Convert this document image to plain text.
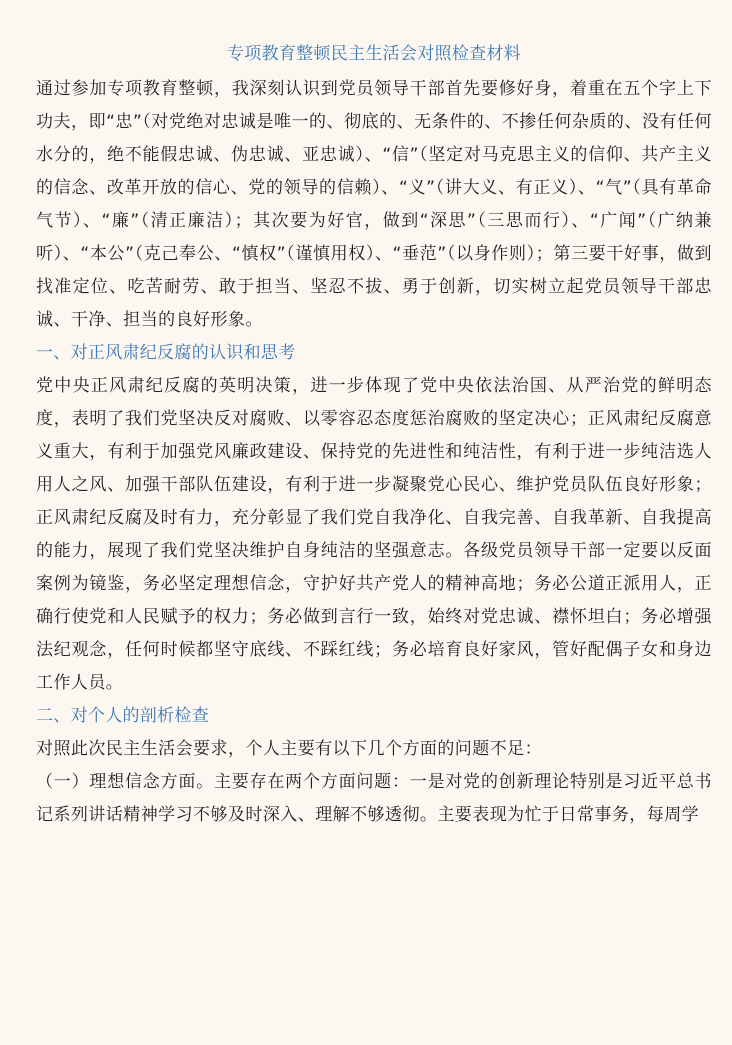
专项教育整顿民主生活会对照检查材料

通过参加专项教育整顿，我深刻认识到党员领导干部首先要修好身，着重在五个字上下功夫，即“忠”（对党绝对忠诚是唯一的、彻底的、无条件的、不掺任何杂质的、没有任何水分的，绝不能假忠诚、伪忠诚、亚忠诚）、“信”（坚定对马克思主义的信仰、共产主义的信念、改革开放的信心、党的领导的信赖）、“义”（讲大义、有正义）、“气”（具有革命气节）、“廉”（清正廉洁）；其次要为好官，做到“深思”（三思而行）、“广闻”（广纳兼听）、“本公”（克己奉公、“慎权”（谨慎用权）、“垂范”（以身作则）；第三要干好事，做到找准定位、吃苦耐劳、敢于担当、坚忍不拔、勇于创新，切实树立起党员领导干部忠诚、干净、担当的良好形象。

一、对正风肃纪反腐的认识和思考

党中央正风肃纪反腐的英明决策，进一步体现了党中央依法治国、从严治党的鲜明态度，表明了我们党坚决反对腐败、以零容忍态度惩治腐败的坚定决心；正风肃纪反腐意义重大，有利于加强党风廉政建设、保持党的先进性和纯洁性，有利于进一步纯洁选人用人之风、加强干部队伍建设，有利于进一步凝聚党心民心、维护党员队伍良好形象；正风肃纪反腐及时有力，充分彰显了我们党自我净化、自我完善、自我革新、自我提高的能力，展现了我们党坚决维护自身纯洁的坚强意志。各级党员领导干部一定要以反面案例为镜鉴，务必坚定理想信念，守护好共产党人的精神高地；务必公道正派用人，正确行使党和人民赋予的权力；务必做到言行一致，始终对党忠诚、襟怀坦白；务必增强法纪观念，任何时候都坚守底线、不踩红线；务必培育良好家风，管好配偶子女和身边工作人员。

二、对个人的剖析检查

对照此次民主生活会要求，个人主要有以下几个方面的问题不足：

（一）理想信念方面。主要存在两个方面问题：一是对党的创新理论特别是习近平总书记系列讲话精神学习不够及时深入、理解不够透彻。主要表现为忙于日常事务，每周学
